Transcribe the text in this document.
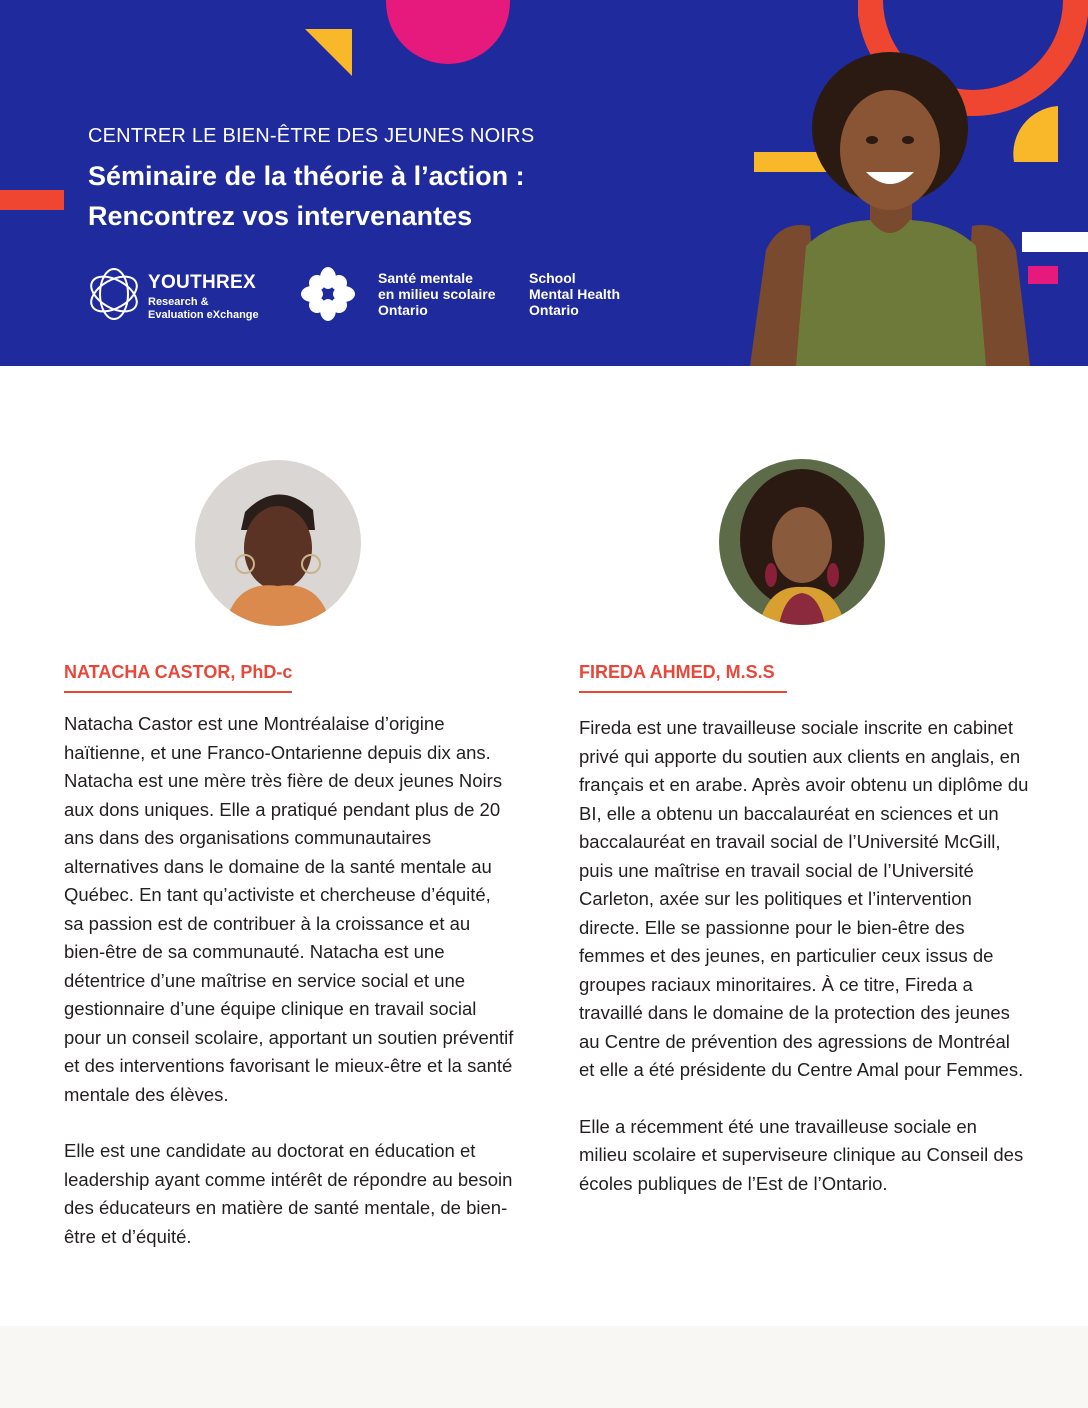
CENTRER LE BIEN-ÊTRE DES JEUNES NOIRS
Séminaire de la théorie à l’action :
Rencontrez vos intervenantes
YOUTHREX
Research &
Evaluation eXchange
Santé mentale
en milieu scolaire
Ontario
School
Mental Health
Ontario
NATACHA CASTOR, PhD-c

Natacha Castor est une Montréalaise d’origine haïtienne, et une Franco-Ontarienne depuis dix ans. Natacha est une mère très fière de deux jeunes Noirs aux dons uniques. Elle a pratiqué pendant plus de 20 ans dans des organisations communautaires alternatives dans le domaine de la santé mentale au Québec. En tant qu’activiste et chercheuse d’équité, sa passion est de contribuer à la croissance et au bien-être de sa communauté. Natacha est une détentrice d’une maîtrise en service social et une gestionnaire d’une équipe clinique en travail social pour un conseil scolaire, apportant un soutien préventif et des interventions favorisant le mieux-être et la santé mentale des élèves.

Elle est une candidate au doctorat en éducation et leadership ayant comme intérêt de répondre au besoin des éducateurs en matière de santé mentale, de bien-être et d’équité.

FIREDA AHMED, M.S.S

Fireda est une travailleuse sociale inscrite en cabinet privé qui apporte du soutien aux clients en anglais, en français et en arabe. Après avoir obtenu un diplôme du BI, elle a obtenu un baccalauréat en sciences et un baccalauréat en travail social de l’Université McGill, puis une maîtrise en travail social de l’Université Carleton, axée sur les politiques et l’intervention directe. Elle se passionne pour le bien-être des femmes et des jeunes, en particulier ceux issus de groupes raciaux minoritaires. À ce titre, Fireda a travaillé dans le domaine de la protection des jeunes au Centre de prévention des agressions de Montréal et elle a été présidente du Centre Amal pour Femmes.

Elle a récemment été une travailleuse sociale en milieu scolaire et superviseure clinique au Conseil des écoles publiques de l’Est de l’Ontario.
